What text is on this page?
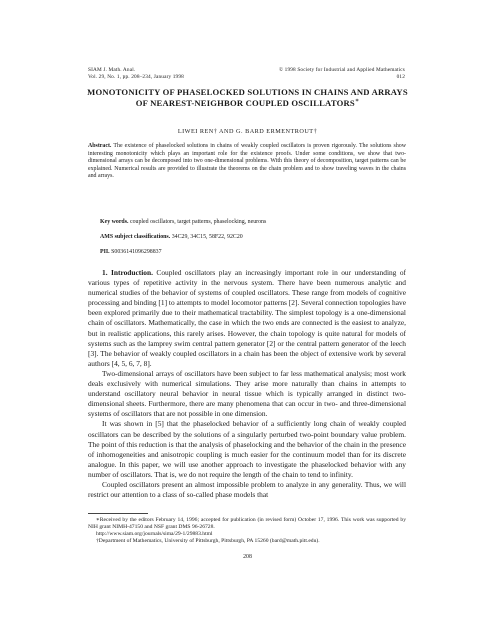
SIAM J. Math. Anal.
Vol. 29, No. 1, pp. 208–234, January 1998
© 1998 Society for Industrial and Applied Mathematics
012
MONOTONICITY OF PHASELOCKED SOLUTIONS IN CHAINS AND ARRAYS OF NEAREST-NEIGHBOR COUPLED OSCILLATORS∗
LIWEI REN† AND G. BARD ERMENTROUT†
Abstract. The existence of phaselocked solutions in chains of weakly coupled oscillators is proven rigorously. The solutions show interesting monotonicity which plays an important role for the existence proofs. Under some conditions, we show that two-dimensional arrays can be decomposed into two one-dimensional problems. With this theory of decomposition, target patterns can be explained. Numerical results are provided to illustrate the theorems on the chain problem and to show traveling waves in the chains and arrays.
Key words. coupled oscillators, target patterns, phaselocking, neurons
AMS subject classifications. 34C29, 34C15, 58F22, 92C20
PII. S0036141096298837

1. Introduction. Coupled oscillators play an increasingly important role in our understanding of various types of repetitive activity in the nervous system. There have been numerous analytic and numerical studies of the behavior of systems of coupled oscillators. These range from models of cognitive processing and binding [1] to attempts to model locomotor patterns [2]. Several connection topologies have been explored primarily due to their mathematical tractability. The simplest topology is a one-dimensional chain of oscillators. Mathematically, the case in which the two ends are connected is the easiest to analyze, but in realistic applications, this rarely arises. However, the chain topology is quite natural for models of systems such as the lamprey swim central pattern generator [2] or the central pattern generator of the leech [3]. The behavior of weakly coupled oscillators in a chain has been the object of extensive work by several authors [4, 5, 6, 7, 8].

Two-dimensional arrays of oscillators have been subject to far less mathematical analysis; most work deals exclusively with numerical simulations. They arise more naturally than chains in attempts to understand oscillatory neural behavior in neural tissue which is typically arranged in distinct two-dimensional sheets. Furthermore, there are many phenomena that can occur in two- and three-dimensional systems of oscillators that are not possible in one dimension.

It was shown in [5] that the phaselocked behavior of a sufficiently long chain of weakly coupled oscillators can be described by the solutions of a singularly perturbed two-point boundary value problem. The point of this reduction is that the analysis of phaselocking and the behavior of the chain in the presence of inhomogeneities and anisotropic coupling is much easier for the continuum model than for its discrete analogue. In this paper, we will use another approach to investigate the phaselocked behavior with any number of oscillators. That is, we do not require the length of the chain to tend to infinity.

Coupled oscillators present an almost impossible problem to analyze in any generality. Thus, we will restrict our attention to a class of so-called phase models that

∗Received by the editors February 14, 1996; accepted for publication (in revised form) October 17, 1996. This work was supported by NIH grant NIMH-47150 and NSF grant DMS 96-26728.

http://www.siam.org/journals/sima/29-1/29883.html

†Department of Mathematics, University of Pittsburgh, Pittsburgh, PA 15260 (bard@math.pitt.edu).

208
